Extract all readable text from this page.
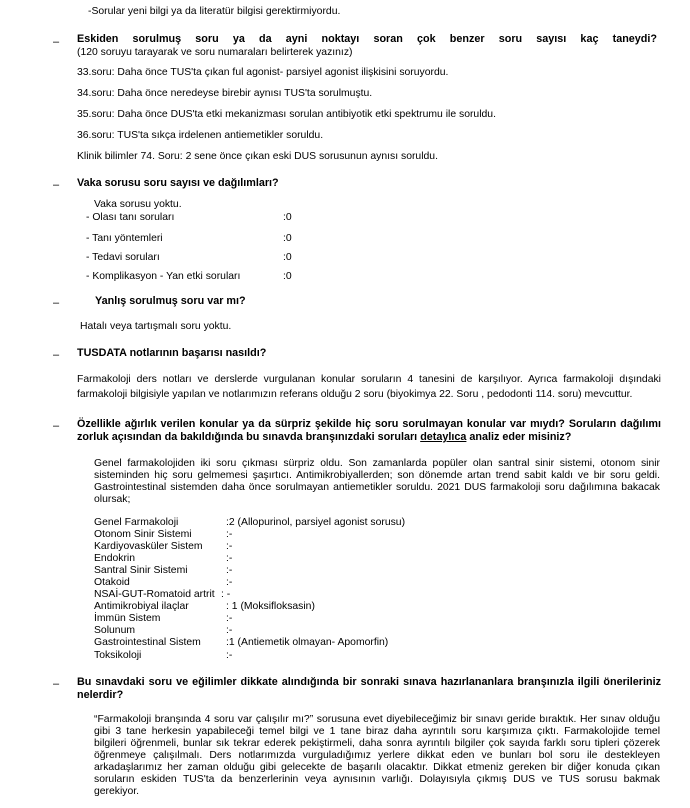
-Sorular yeni bilgi ya da literatür bilgisi gerektirmiyordu.
– Eskiden sorulmuş soru ya da ayni noktayı soran çok benzer soru sayısı kaç taneydi?
(120 soruyu tarayarak ve soru numaraları belirterek yazınız)
33.soru: Daha önce TUS'ta çıkan ful agonist- parsiyel agonist ilişkisini soruyordu.
34.soru: Daha önce neredeyse birebir aynısı TUS'ta sorulmuştu.
35.soru: Daha önce DUS'ta etki mekanizması sorulan antibiyotik etki spektrumu ile soruldu.
36.soru: TUS'ta sıkça irdelenen antiemetikler soruldu.
Klinik bilimler 74. Soru: 2 sene önce çıkan eski DUS sorusunun aynısı soruldu.
– Vaka sorusu soru sayısı ve dağılımları?
Vaka sorusu yoktu.
- Olası tanı soruları	:0
- Tanı yöntemleri	:0
- Tedavi soruları	:0
- Komplikasyon - Yan etki soruları	:0
–	Yanlış sorulmuş soru var mı?
Hatalı veya tartışmalı soru yoktu.
– TUSDATA notlarının başarısı nasıldı?
Farmakoloji ders notları ve derslerde vurgulanan konular soruların 4 tanesini de karşılıyor. Ayrıca farmakoloji dışındaki
farmakoloji bilgisiyle yapılan ve notlarımızın referans olduğu 2 soru (biyokimya 22. Soru , pedodonti 114. soru) mevcuttur.
– Özellikle ağırlık verilen konular ya da sürpriz şekilde hiç soru sorulmayan konular var mıydı? Soruların dağılımı
zorluk açısından da bakıldığında bu sınavda branşınızdaki soruları detaylıca analiz eder misiniz?
Genel farmakolojiden iki soru çıkması sürpriz oldu. Son zamanlarda popüler olan santral sinir sistemi, otonom sinir
sisteminden hiç soru gelmemesi şaşırtıcı. Antimikrobiyallerden; son dönemde artan trend sabit kaldı ve bir soru geldi.
Gastrointestinal sistemden daha önce sorulmayan antiemetikler soruldu. 2021 DUS farmakoloji soru dağılımına bakacak
olursak;
Genel Farmakoloji	:2 (Allopurinol, parsiyel agonist sorusu)
Otonom Sinir Sistemi	:-
Kardiyovasküler Sistem :-
Endokrin	:-
Santral Sinir Sistemi	:-
Otakoid	:-
NSAİ-GUT-Romatoid artrit : -
Antimikrobiyal ilaçlar	: 1 (Moksifloksasin)
İmmün Sistem	:-
Solunum	:-
Gastrointestinal Sistem :1 (Antiemetik olmayan- Apomorfin)
Toksikoloji	:-
– Bu sınavdaki soru ve eğilimler dikkate alındığında bir sonraki sınava hazırlananlara branşınızla ilgili önerileriniz
nelerdir?
“Farmakoloji branşında 4 soru var çalışılır mı?” sorusuna evet diyebileceğimiz bir sınavı geride bıraktık. Her sınav olduğu
gibi 3 tane herkesin yapabileceği temel bilgi ve 1 tane biraz daha ayrıntılı soru karşımıza çıktı. Farmakolojide temel
bilgileri öğrenmeli, bunlar sık tekrar ederek pekiştirmeli, daha sonra ayrıntılı bilgiler çok sayıda farklı soru tipleri çözerek
öğrenmeye çalışılmalı. Ders notlarımızda vurguladığımız yerlere dikkat eden ve bunları bol soru ile destekleyen
arkadaşlarımız her zaman olduğu gibi gelecekte de başarılı olacaktır. Dikkat etmeniz gereken bir diğer konuda çıkan
soruların eskiden TUS'ta da benzerlerinin veya aynısının varlığı. Dolayısıyla çıkmış DUS ve TUS sorusu bakmak
gerekiyor.
